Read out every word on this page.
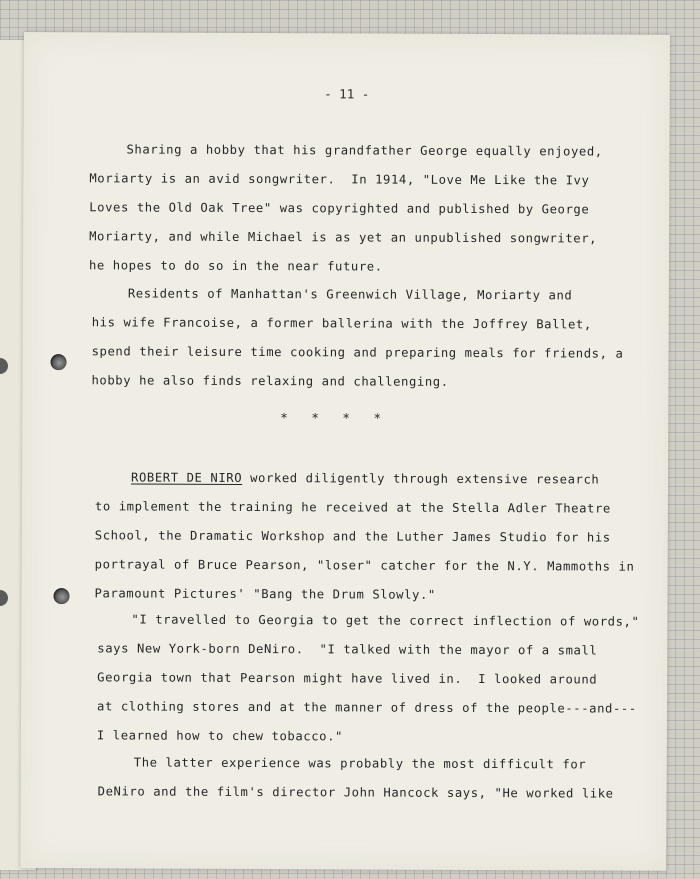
- 11 -
Sharing a hobby that his grandfather George equally enjoyed,
Moriarty is an avid songwriter.  In 1914, "Love Me Like the Ivy
Loves the Old Oak Tree" was copyrighted and published by George
Moriarty, and while Michael is as yet an unpublished songwriter,
he hopes to do so in the near future.
Residents of Manhattan's Greenwich Village, Moriarty and
his wife Francoise, a former ballerina with the Joffrey Ballet,
spend their leisure time cooking and preparing meals for friends, a
hobby he also finds relaxing and challenging.
* * * *
ROBERT DE NIRO worked diligently through extensive research
to implement the training he received at the Stella Adler Theatre
School, the Dramatic Workshop and the Luther James Studio for his
portrayal of Bruce Pearson, "loser" catcher for the N.Y. Mammoths in
Paramount Pictures' "Bang the Drum Slowly."
"I travelled to Georgia to get the correct inflection of words,"
says New York-born DeNiro.  "I talked with the mayor of a small
Georgia town that Pearson might have lived in.  I looked around
at clothing stores and at the manner of dress of the people---and---
I learned how to chew tobacco."
The latter experience was probably the most difficult for
DeNiro and the film's director John Hancock says, "He worked like
